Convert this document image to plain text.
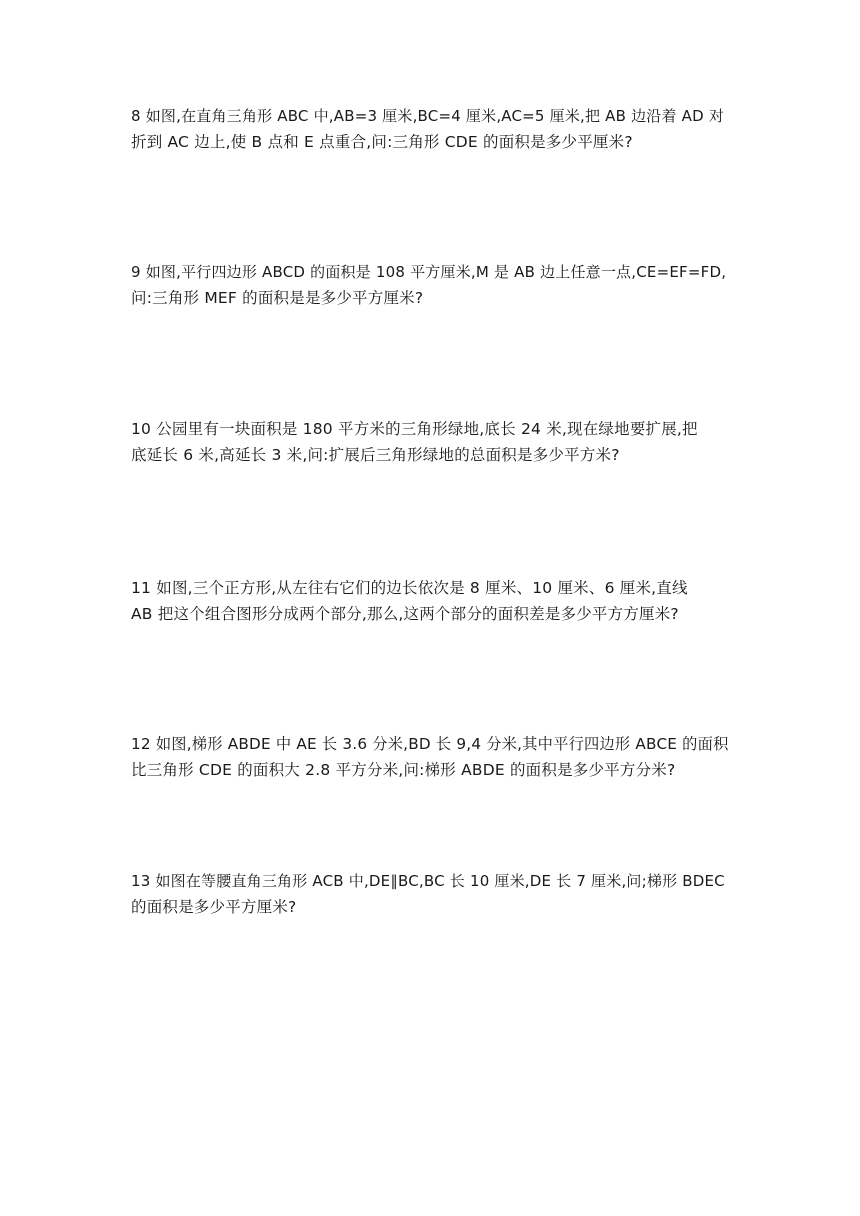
8 如图,在直角三角形 ABC 中,AB=3 厘米,BC=4 厘米,AC=5 厘米,把 AB 边沿着 AD 对
折到 AC 边上,使 B 点和 E 点重合,问:三角形 CDE 的面积是多少平厘米?
9 如图,平行四边形 ABCD 的面积是 108 平方厘米,M 是 AB 边上任意一点,CE=EF=FD,
问:三角形 MEF 的面积是是多少平方厘米?
10 公园里有一块面积是 180 平方米的三角形绿地,底长 24 米,现在绿地要扩展,把
底延长 6 米,高延长 3 米,问:扩展后三角形绿地的总面积是多少平方米?
11 如图,三个正方形,从左往右它们的边长依次是 8 厘米、10 厘米、6 厘米,直线
AB 把这个组合图形分成两个部分,那么,这两个部分的面积差是多少平方方厘米?
12 如图,梯形 ABDE 中 AE 长 3.6 分米,BD 长 9,4 分米,其中平行四边形 ABCE 的面积
比三角形 CDE 的面积大 2.8 平方分米,问:梯形 ABDE 的面积是多少平方分米?
13 如图在等腰直角三角形 ACB 中,DE∥BC,BC 长 10 厘米,DE 长 7 厘米,问;梯形 BDEC
的面积是多少平方厘米?
